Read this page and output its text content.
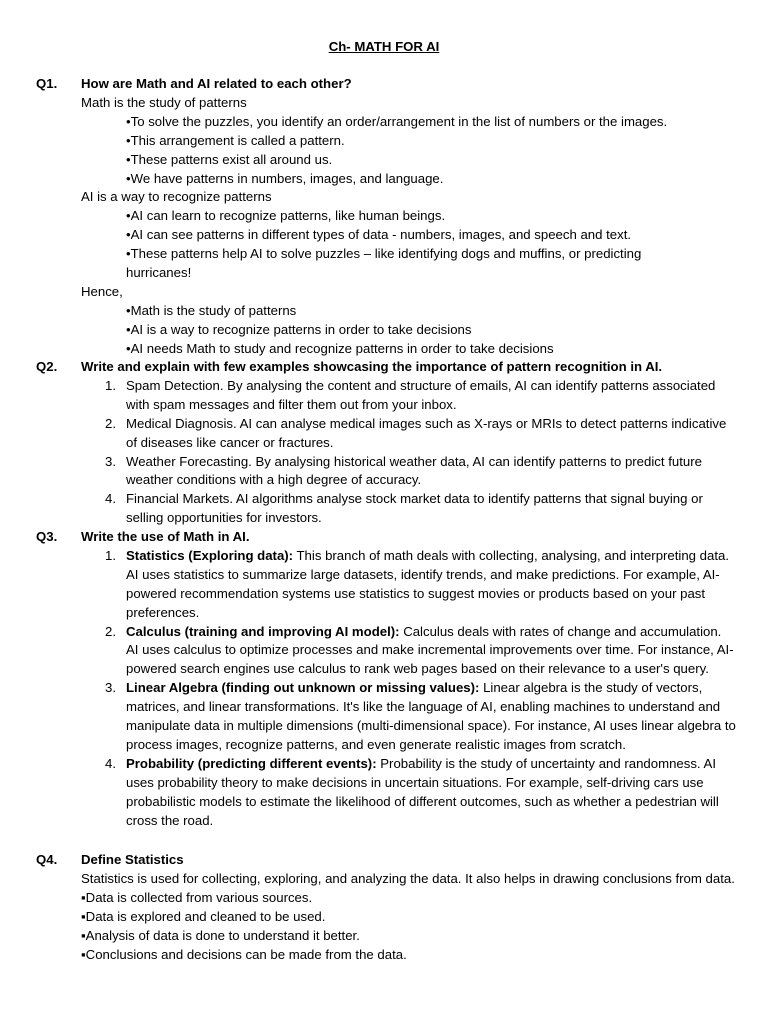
Ch- MATH FOR AI
Q1. How are Math and AI related to each other?
Math is the study of patterns
•To solve the puzzles, you identify an order/arrangement in the list of numbers or the images.
•This arrangement is called a pattern.
•These patterns exist all around us.
•We have patterns in numbers, images, and language.
AI is a way to recognize patterns
•AI can learn to recognize patterns, like human beings.
•AI can see patterns in different types of data - numbers, images, and speech and text.
•These patterns help AI to solve puzzles – like identifying dogs and muffins, or predicting hurricanes!
Hence,
•Math is the study of patterns
•AI is a way to recognize patterns in order to take decisions
•AI needs Math to study and recognize patterns in order to take decisions
Q2. Write and explain with few examples showcasing the importance of pattern recognition in AI.
1. Spam Detection. By analysing the content and structure of emails, AI can identify patterns associated with spam messages and filter them out from your inbox.
2. Medical Diagnosis. AI can analyse medical images such as X-rays or MRIs to detect patterns indicative of diseases like cancer or fractures.
3. Weather Forecasting. By analysing historical weather data, AI can identify patterns to predict future weather conditions with a high degree of accuracy.
4. Financial Markets. AI algorithms analyse stock market data to identify patterns that signal buying or selling opportunities for investors.
Q3. Write the use of Math in AI.
1. Statistics (Exploring data): This branch of math deals with collecting, analysing, and interpreting data. AI uses statistics to summarize large datasets, identify trends, and make predictions. For example, AI-powered recommendation systems use statistics to suggest movies or products based on your past preferences.
2. Calculus (training and improving AI model): Calculus deals with rates of change and accumulation. AI uses calculus to optimize processes and make incremental improvements over time. For instance, AI-powered search engines use calculus to rank web pages based on their relevance to a user's query.
3. Linear Algebra (finding out unknown or missing values): Linear algebra is the study of vectors, matrices, and linear transformations. It's like the language of AI, enabling machines to understand and manipulate data in multiple dimensions (multi-dimensional space). For instance, AI uses linear algebra to process images, recognize patterns, and even generate realistic images from scratch.
4. Probability (predicting different events): Probability is the study of uncertainty and randomness. AI uses probability theory to make decisions in uncertain situations. For example, self-driving cars use probabilistic models to estimate the likelihood of different outcomes, such as whether a pedestrian will cross the road.
Q4. Define Statistics
Statistics is used for collecting, exploring, and analyzing the data. It also helps in drawing conclusions from data.
▪Data is collected from various sources.
▪Data is explored and cleaned to be used.
▪Analysis of data is done to understand it better.
▪Conclusions and decisions can be made from the data.
